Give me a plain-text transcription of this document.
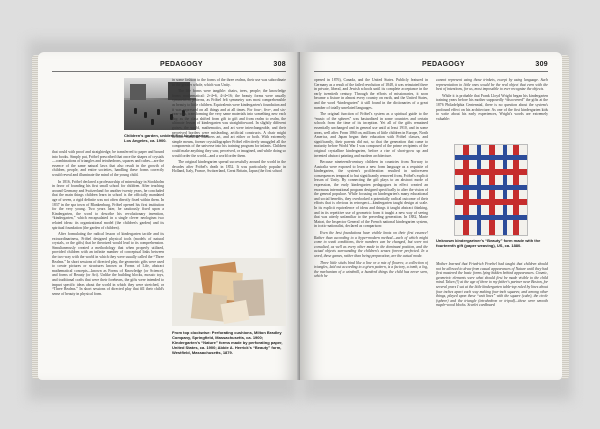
PEDAGOGY	308
Children's garden, unidentified kindergarten,
Los Angeles, ca. 1900.

that could with proof and straightedge, be transferred to paper and bound into books. Simply put, Fröbel prescribed that once the shapes of crystals—combinations of triangles and tetrahedrons, squares and cubes—are the essence of the same natural laws that also result in the growth of children, people, and entire societies, handling these forms correctly would reveal and illuminate the mind of the young child.

In 1816, Fröbel declared a professorship of mineralogy in Stockholm in favor of founding his first small school for children. After teaching around Germany and Switzerland for another twenty years, he concluded that the main things children learn in school is the officially mandated age of seven, a rigid definite was not often directly fixed within them. In 1837 in the spa town of Blankenburg, Fröbel opened his first institution for the very young. Two years later, he cautiously fixed upon a Kindergarten, the word to describe his revolutionary invention, “kindergarten,” which encapsulated in a single clever neologism two related ideas: its organizational model (the children's garden) and its spiritual foundation (the garden of children).

After formulating the radical lesson of kindergarten tactile and its extraordinariness, Fröbel designed physical tools (models of natural crystals, or the gifts) that he theorized would lead to its comprehension. Simultaneously created a methodology that when properly utilized, provided children with an infinite number of conceptual links between the two-way with the world in which they were usually called the “Three Realms.” In short sessions of directed play, the geometric gifts were used to create pictures or structures known as Forms of Life, abstract mathematical concepts—known as Forms of Knowledge (or Science), and forms of Beauty (or Art). Unlike the building blocks, mosaic toys, and traditional crafts that were their forebears, the gifts were intended to impart specific ideas about the world in which they were stretched, or “Three Realms.” In short sessions of directed play that fill their child's sense of beauty in physical form.

in some fashion to the forms of the three realms, their use was subordinate to the greater whole, which was Unity.

The life forms were tangible: chairs, trees, people; the knowledge forms mathematical: 2+4=6, 4×4=16; the beauty forms were usually symmetrical patterns, as Fröbel felt symmetry was most comprehensible as beauty to little children. Equivalents were kindergarten's foundation and it was expressed on all things and at all times. For four-, five-, and six-year-olds, transforming the very same materials into something new each day, as the class shifted from gift to gift and from realm to realm, the ultimate lesson of kindergarten was straightforward. In slightly different guises, the world, mathematics, and art were interchangeable, and their perceived borders were misleading, artificial constructs. A chair might become numbers, numbers art, and art either or both. With extremely simple means, former crystallographer Fröbel effectively smuggled all the components of the universe into his training program for infants. Children could make anything they saw, perceived, or imagined, and while doing so would order the world—and a world order them.

The original kindergarten spread successfully around the world in the decades after Fröbel's death in 1852. It was particularly popular in Holland, Italy, France, Switzerland, Great Britain, Japan (the first school

From top clockwise: Perforating cushions, Milton Bradley Company, Springfield, Massachusetts, ca. 1900; Kindergarten's “Nature” forms made by perforating paper, United States, ca. 1900; Abbie A. Herrick's “Beauty” form, Westfield, Massachusetts, 1879.
PEDAGOGY	309

opened in 1876), Canada, and the United States. Publicly featured in Germany as a result of the failed revolution of 1848, it was reinstated there in private, liberal, and Jewish schools until its complete acceptance in the early twentieth century. Through the efforts of missionaries, it soon became a fixture in almost every country on earth, and the United States, and the word “kindergarten” it still found in the dictionaries of a great number of totally unrelated languages.

The original function of Fröbel's system as a spiritual guide to the “music of the spheres” was bastardized in some countries and certain schools from the time of its inception. Yet all of the gifts remained essentially unchanged and in general use until at least 1910, and in some areas, well after. From 1860 on, millions of little children in Europe, North America, and Japan began their education with Fröbel classes, and significantly, their parents did not, so that the generation that came to maturity before World War I was composed of the prime recipients of the original crystalline kindergarten, before a rise of short-grow up and invented abstract painting and modern architecture.

Because nineteenth-century children in countries from Norway to Australia were exposed to learn a new form language as a requisite of kindergarten, the system's proliferation resulted in unforeseen consequences temporal to but significantly removed from, Fröbel's explicit lesson of Unity. By connecting the gift plays to an abstract mode of expression, the early kindergarten pedagogues in effect created an enormous international program designed specifically to alter the vision of the general populace. While focusing on kindergarten's many educational and social benefits, they overlooked a potentially radical outcome of their efforts that is obvious in retrospect—kindergarten taught design at scale. In its explicit equivalence of ideas and things it taught abstract thinking, and in its repetitive use of geometric form it taught a new way of seeing that was utterly unfamiliar to the preceding generation. In 1882, Marie Matrat, the Inspector General of the French national kindergarten system, in icotic-nationalist, declared as comparison:

Even the best foundations have visible knots on their first essence! Rather than according to a hyper-modern method—each of which might come to weak conditions, their numbers can be changed, but were not consulted, as well as every other made to the dominant position, and the actual objects surrounding the children's senses forever perfected. In a word, these games, rather than being preparation, are the actual mode.

Three little sticks bind like a line or a mix of flowers; a collection of triangles, laid out according to a given pattern, is a factory, a tomb, a log, the mechanism of a windmill, a hundred things the child has never seen, which he

cannot represent using those trinkets, except by using language. Such representation to little ones would be the real object that even with the best of intentions, for us, most impossible to ever recognize the objects.

While it is probable that Frank Lloyd Wright began his kindergarten training years before his mother supposedly “discovered” the gifts at the 1876 Philadelphia Centennial, there is no question about the system's profound effect on his architecture. As one of the first kindergarten kids to write about his early experiences, Wright's words are extremely valuable:

Unknown kindergartner's “Beauty” form made with the fourteenth gift (paper weaving), US, ca. 1880.
Mother learned that Friedrich Froebel had taught that children should not be allowed to draw from casual appearances of Nature until they had first mastered the basic forms lying hidden behind appearances. Cosmic, geometric elements were what should first be made visible to the child mind. Taken (!) at the age of three to my father's partner near Boston, for several years I sat at the little kindergarten table-top ruled by lines about four inches apart each way making four-inch squares; and among other things, played upon these “unit lines” with the square (cube), the circle (sphere) and the triangle (tetrahedron or tripod)—these were smooth maple-wood blocks. Scarlet cardboard
